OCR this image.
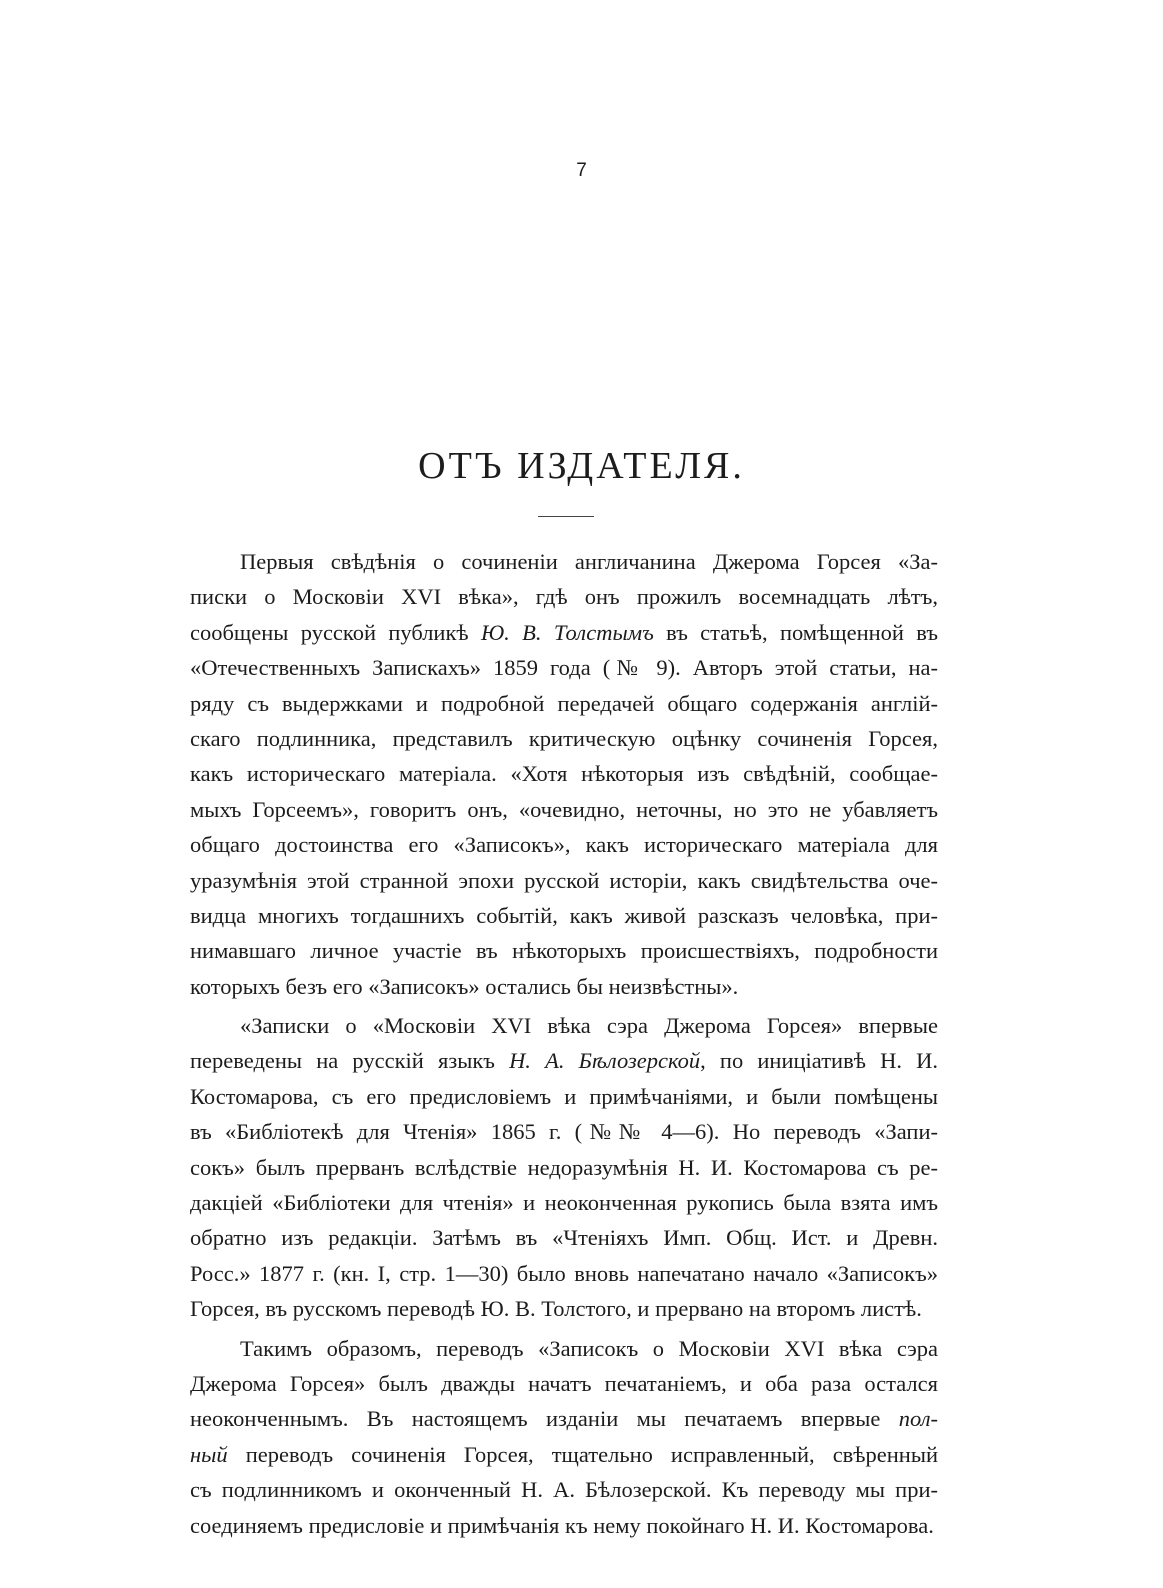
7
ОТЪ ИЗДАТЕЛЯ.
Первыя свѣдѣнія о сочиненіи англичанина Джерома Горсея «За-
писки о Московіи XVI вѣка», гдѣ онъ прожилъ восемнадцать лѣтъ,
сообщены русской публикѣ Ю. В. Толстымъ въ статьѣ, помѣщенной въ
«Отечественныхъ Запискахъ» 1859 года (№ 9). Авторъ этой статьи, на-
ряду съ выдержками и подробной передачей общаго содержанія англій-
скаго подлинника, представилъ критическую оцѣнку сочиненія Горсея,
какъ историческаго матеріала. «Хотя нѣкоторыя изъ свѣдѣній, сообщае-
мыхъ Горсеемъ», говоритъ онъ, «очевидно, неточны, но это не убавляетъ
общаго достоинства его «Записокъ», какъ историческаго матеріала для
уразумѣнія этой странной эпохи русской исторіи, какъ свидѣтельства оче-
видца многихъ тогдашнихъ событій, какъ живой разсказъ человѣка, при-
нимавшаго личное участіе въ нѣкоторыхъ происшествіяхъ, подробности
которыхъ безъ его «Записокъ» остались бы неизвѣстны».
«Записки о «Московіи XVI вѣка сэра Джерома Горсея» впервые
переведены на русскій языкъ Н. А. Бѣлозерской, по иниціативѣ Н. И.
Костомарова, съ его предисловіемъ и примѣчаніями, и были помѣщены
въ «Библіотекѣ для Чтенія» 1865 г. (№№ 4—6). Но переводъ «Запи-
сокъ» былъ прерванъ вслѣдствіе недоразумѣнія Н. И. Костомарова съ ре-
дакціей «Библіотеки для чтенія» и неоконченная рукопись была взята имъ
обратно изъ редакціи. Затѣмъ въ «Чтеніяхъ Имп. Общ. Ист. и Древн.
Росс.» 1877 г. (кн. I, стр. 1—30) было вновь напечатано начало «Записокъ»
Горсея, въ русскомъ переводѣ Ю. В. Толстого, и прервано на второмъ листѣ.
Такимъ образомъ, переводъ «Записокъ о Московіи XVI вѣка сэра
Джерома Горсея» былъ дважды начатъ печатаніемъ, и оба раза остался
неоконченнымъ. Въ настоящемъ изданіи мы печатаемъ впервые пол-
ный переводъ сочиненія Горсея, тщательно исправленный, свѣренный
съ подлинникомъ и оконченный Н. А. Бѣлозерской. Къ переводу мы при-
соединяемъ предисловіе и примѣчанія къ нему покойнаго Н. И. Костомарова.
